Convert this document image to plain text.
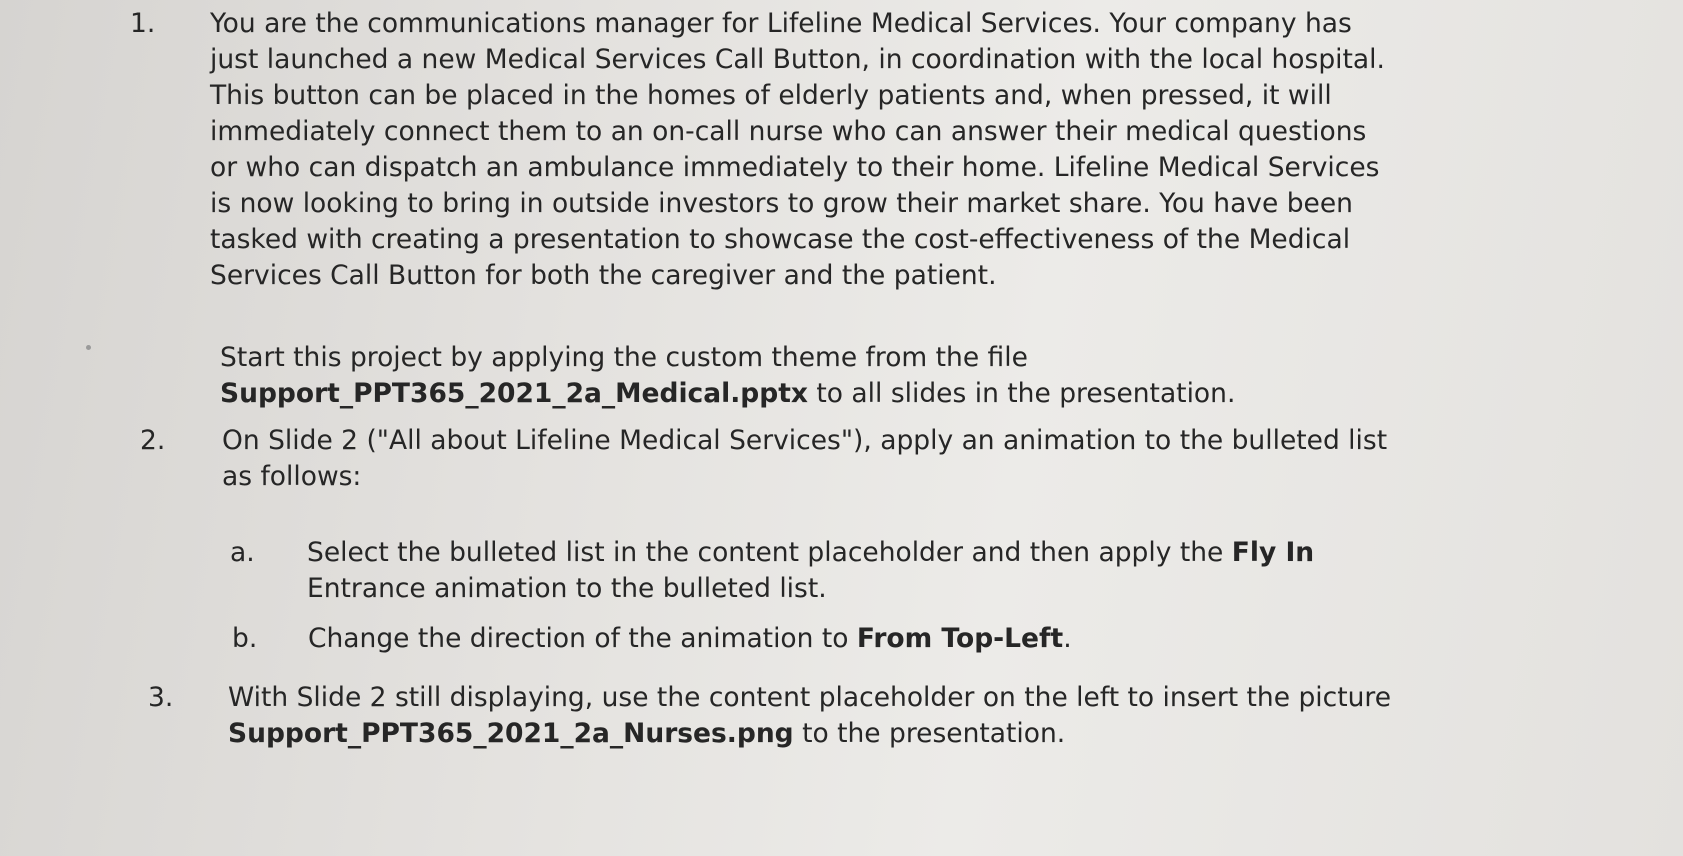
1. You are the communications manager for Lifeline Medical Services. Your company has
just launched a new Medical Services Call Button, in coordination with the local hospital.
This button can be placed in the homes of elderly patients and, when pressed, it will
immediately connect them to an on-call nurse who can answer their medical questions
or who can dispatch an ambulance immediately to their home. Lifeline Medical Services
is now looking to bring in outside investors to grow their market share. You have been
tasked with creating a presentation to showcase the cost-effectiveness of the Medical
Services Call Button for both the caregiver and the patient.
Start this project by applying the custom theme from the file
Support_PPT365_2021_2a_Medical.pptx to all slides in the presentation.
2. On Slide 2 ("All about Lifeline Medical Services"), apply an animation to the bulleted list
as follows:
a. Select the bulleted list in the content placeholder and then apply the Fly In
Entrance animation to the bulleted list.
b. Change the direction of the animation to From Top-Left.
3. With Slide 2 still displaying, use the content placeholder on the left to insert the picture
Support_PPT365_2021_2a_Nurses.png to the presentation.
